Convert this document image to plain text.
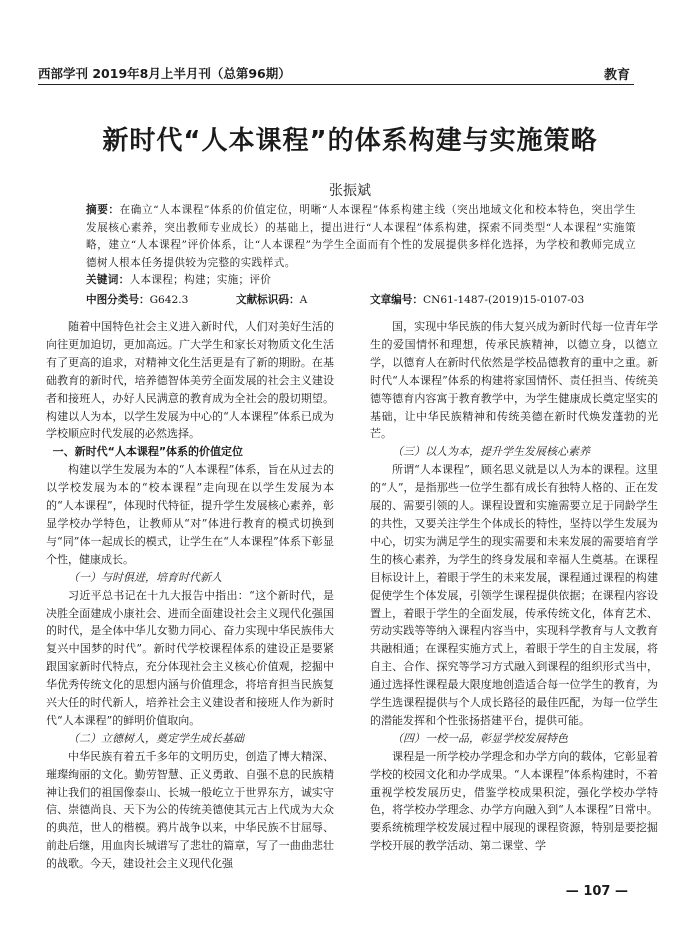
西部学刊 2019年8月上半月刊（总第96期）	教育
新时代“人本课程”的体系构建与实施策略
张振斌
摘要：在确立“人本课程”体系的价值定位，明晰“人本课程”体系构建主线（突出地域文化和校本特色，突出学生发展核心素养，突出教师专业成长）的基础上，提出进行“人本课程”体系构建，探索不同类型“人本课程”实施策略，建立“人本课程”评价体系，让“人本课程”为学生全面而有个性的发展提供多样化选择，为学校和教师完成立德树人根本任务提供较为完整的实践样式。
关键词：人本课程；构建；实施；评价
中图分类号：G642.3	文献标识码：A	文章编号：CN61-1487-(2019)15-0107-03

随着中国特色社会主义进入新时代，人们对美好生活的向往更加迫切，更加高远。广大学生和家长对物质文化生活有了更高的追求，对精神文化生活更是有了新的期盼。在基础教育的新时代，培养德智体美劳全面发展的社会主义建设者和接班人，办好人民满意的教育成为全社会的殷切期望。构建以人为本，以学生发展为中心的“人本课程”体系已成为学校顺应时代发展的必然选择。

一、新时代“人本课程”体系的价值定位

构建以学生发展为本的“人本课程”体系，旨在从过去的以学校发展为本的“校本课程”走向现在以学生发展为本的“人本课程”，体现时代特征，提升学生发展核心素养，彰显学校办学特色，让教师从“对”体进行教育的模式切换到与“同”体一起成长的模式，让学生在“人本课程”体系下彰显个性，健康成长。

（一）与时俱进，培育时代新人

习近平总书记在十九大报告中指出：“这个新时代，是决胜全面建成小康社会、进而全面建设社会主义现代化强国的时代，是全体中华儿女勠力同心、奋力实现中华民族伟大复兴中国梦的时代”。新时代学校课程体系的建设正是要紧跟国家新时代特点，充分体现社会主义核心价值观，挖掘中华优秀传统文化的思想内涵与价值理念，将培育担当民族复兴大任的时代新人，培养社会主义建设者和接班人作为新时代“人本课程”的鲜明价值取向。

（二）立德树人，奠定学生成长基础

中华民族有着五千多年的文明历史，创造了博大精深、璀璨绚丽的文化。勤劳智慧、正义勇敢、自强不息的民族精神让我们的祖国像泰山、长城一般屹立于世界东方，诚实守信、崇德尚良、天下为公的传统美德使其元古上代成为大众的典范，世人的楷模。鸦片战争以来，中华民族不甘屈辱、前赴后继，用血肉长城谱写了悲壮的篇章，写了一曲曲悲壮的战歌。今天，建设社会主义现代化强

国，实现中华民族的伟大复兴成为新时代每一位青年学生的爱国情怀和理想，传承民族精神，以德立身，以德立学，以德育人在新时代依然是学校品德教育的重中之重。新时代“人本课程”体系的构建将家国情怀、责任担当、传统美德等德育内容寓于教育教学中，为学生健康成长奠定坚实的基础，让中华民族精神和传统美德在新时代焕发蓬勃的光芒。

（三）以人为本，提升学生发展核心素养

所谓“人本课程”，顾名思义就是以人为本的课程。这里的“人”，是指那些一位学生都有成长有独特人格的、正在发展的、需要引领的人。课程设置和实施需要立足于同龄学生的共性，又要关注学生个体成长的特性，坚持以学生发展为中心，切实为满足学生的现实需要和未来发展的需要培育学生的核心素养，为学生的终身发展和幸福人生奠基。在课程目标设计上，着眼于学生的未来发展，课程通过课程的构建促使学生个体发展，引领学生课程提供依据；在课程内容设置上，着眼于学生的全面发展，传承传统文化，体育艺术、劳动实践等等纳入课程内容当中，实现科学教育与人文教育共融相通；在课程实施方式上，着眼于学生的自主发展，将自主、合作、探究等学习方式融入到课程的组织形式当中，通过选择性课程最大限度地创造适合每一位学生的教育，为学生选课程提供与个人成长路径的最佳匹配，为每一位学生的潜能发挥和个性张扬搭建平台，提供可能。

（四）一校一品，彰显学校发展特色

课程是一所学校办学理念和办学方向的载体，它彰显着学校的校园文化和办学成果。“人本课程”体系构建时，不着重视学校发展历史，借鉴学校成果积淀，强化学校办学特色，将学校办学理念、办学方向融入到“人本课程”日常中。要系统梳理学校发展过程中展现的课程资源，特别是要挖掘学校开展的教学活动、第二课堂、学

— 107 —
